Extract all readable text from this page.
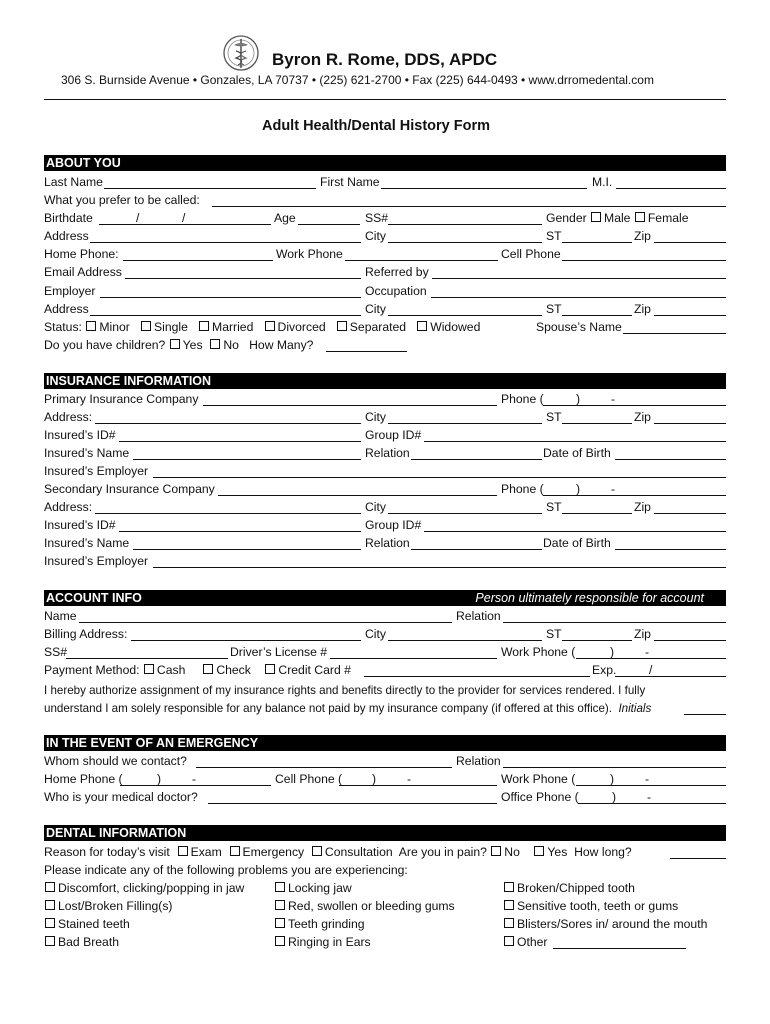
Byron R. Rome, DDS, APDC
306 S. Burnside Avenue • Gonzales, LA 70737 • (225) 621-2700 • Fax (225) 644-0493 • www.drromedental.com
Adult Health/Dental History Form
ABOUT YOU
Last Name	First Name	M.I.
What you prefer to be called:
Birthdate	/	/	Age	SS#	Gender Male Female
Address	City	ST	Zip
Home Phone:	Work Phone	Cell Phone
Email Address	Referred by
Employer	Occupation
Address	City	ST	Zip
Status: Minor Single Married Divorced Separated Widowed	Spouse’s Name
Do you have children? Yes No How Many?
INSURANCE INFORMATION
Primary Insurance Company	Phone (	)	-
Address:	City	ST	Zip
Insured’s ID#	Group ID#
Insured’s Name	Relation	Date of Birth
Insured’s Employer
Secondary Insurance Company	Phone (	)	-
Address:	City	ST	Zip
Insured’s ID#	Group ID#
Insured’s Name	Relation	Date of Birth
Insured’s Employer
ACCOUNT INFO	Person ultimately responsible for account
Name	Relation
Billing Address:	City	ST	Zip
SS#	Driver’s License #	Work Phone (	)	-
Payment Method: Cash	Check Credit Card #	Exp.	/
I hereby authorize assignment of my insurance rights and benefits directly to the provider for services rendered. I fully
understand I am solely responsible for any balance not paid by my insurance company (if offered at this office). Initials
IN THE EVENT OF AN EMERGENCY
Whom should we contact?	Relation
Home Phone (	)	-	Cell Phone ( )	-	Work Phone (	)	-
Who is your medical doctor?	Office Phone (	)	-
DENTAL INFORMATION
Reason for today’s visit Exam Emergency Consultation Are you in pain? No Yes How long?
Please indicate any of the following problems you are experiencing:
Discomfort, clicking/popping in jaw	Locking jaw	Broken/Chipped tooth
Lost/Broken Filling(s)	Red, swollen or bleeding gums	Sensitive tooth, teeth or gums
Stained teeth	Teeth grinding	Blisters/Sores in/ around the mouth
Bad Breath	Ringing in Ears	Other
